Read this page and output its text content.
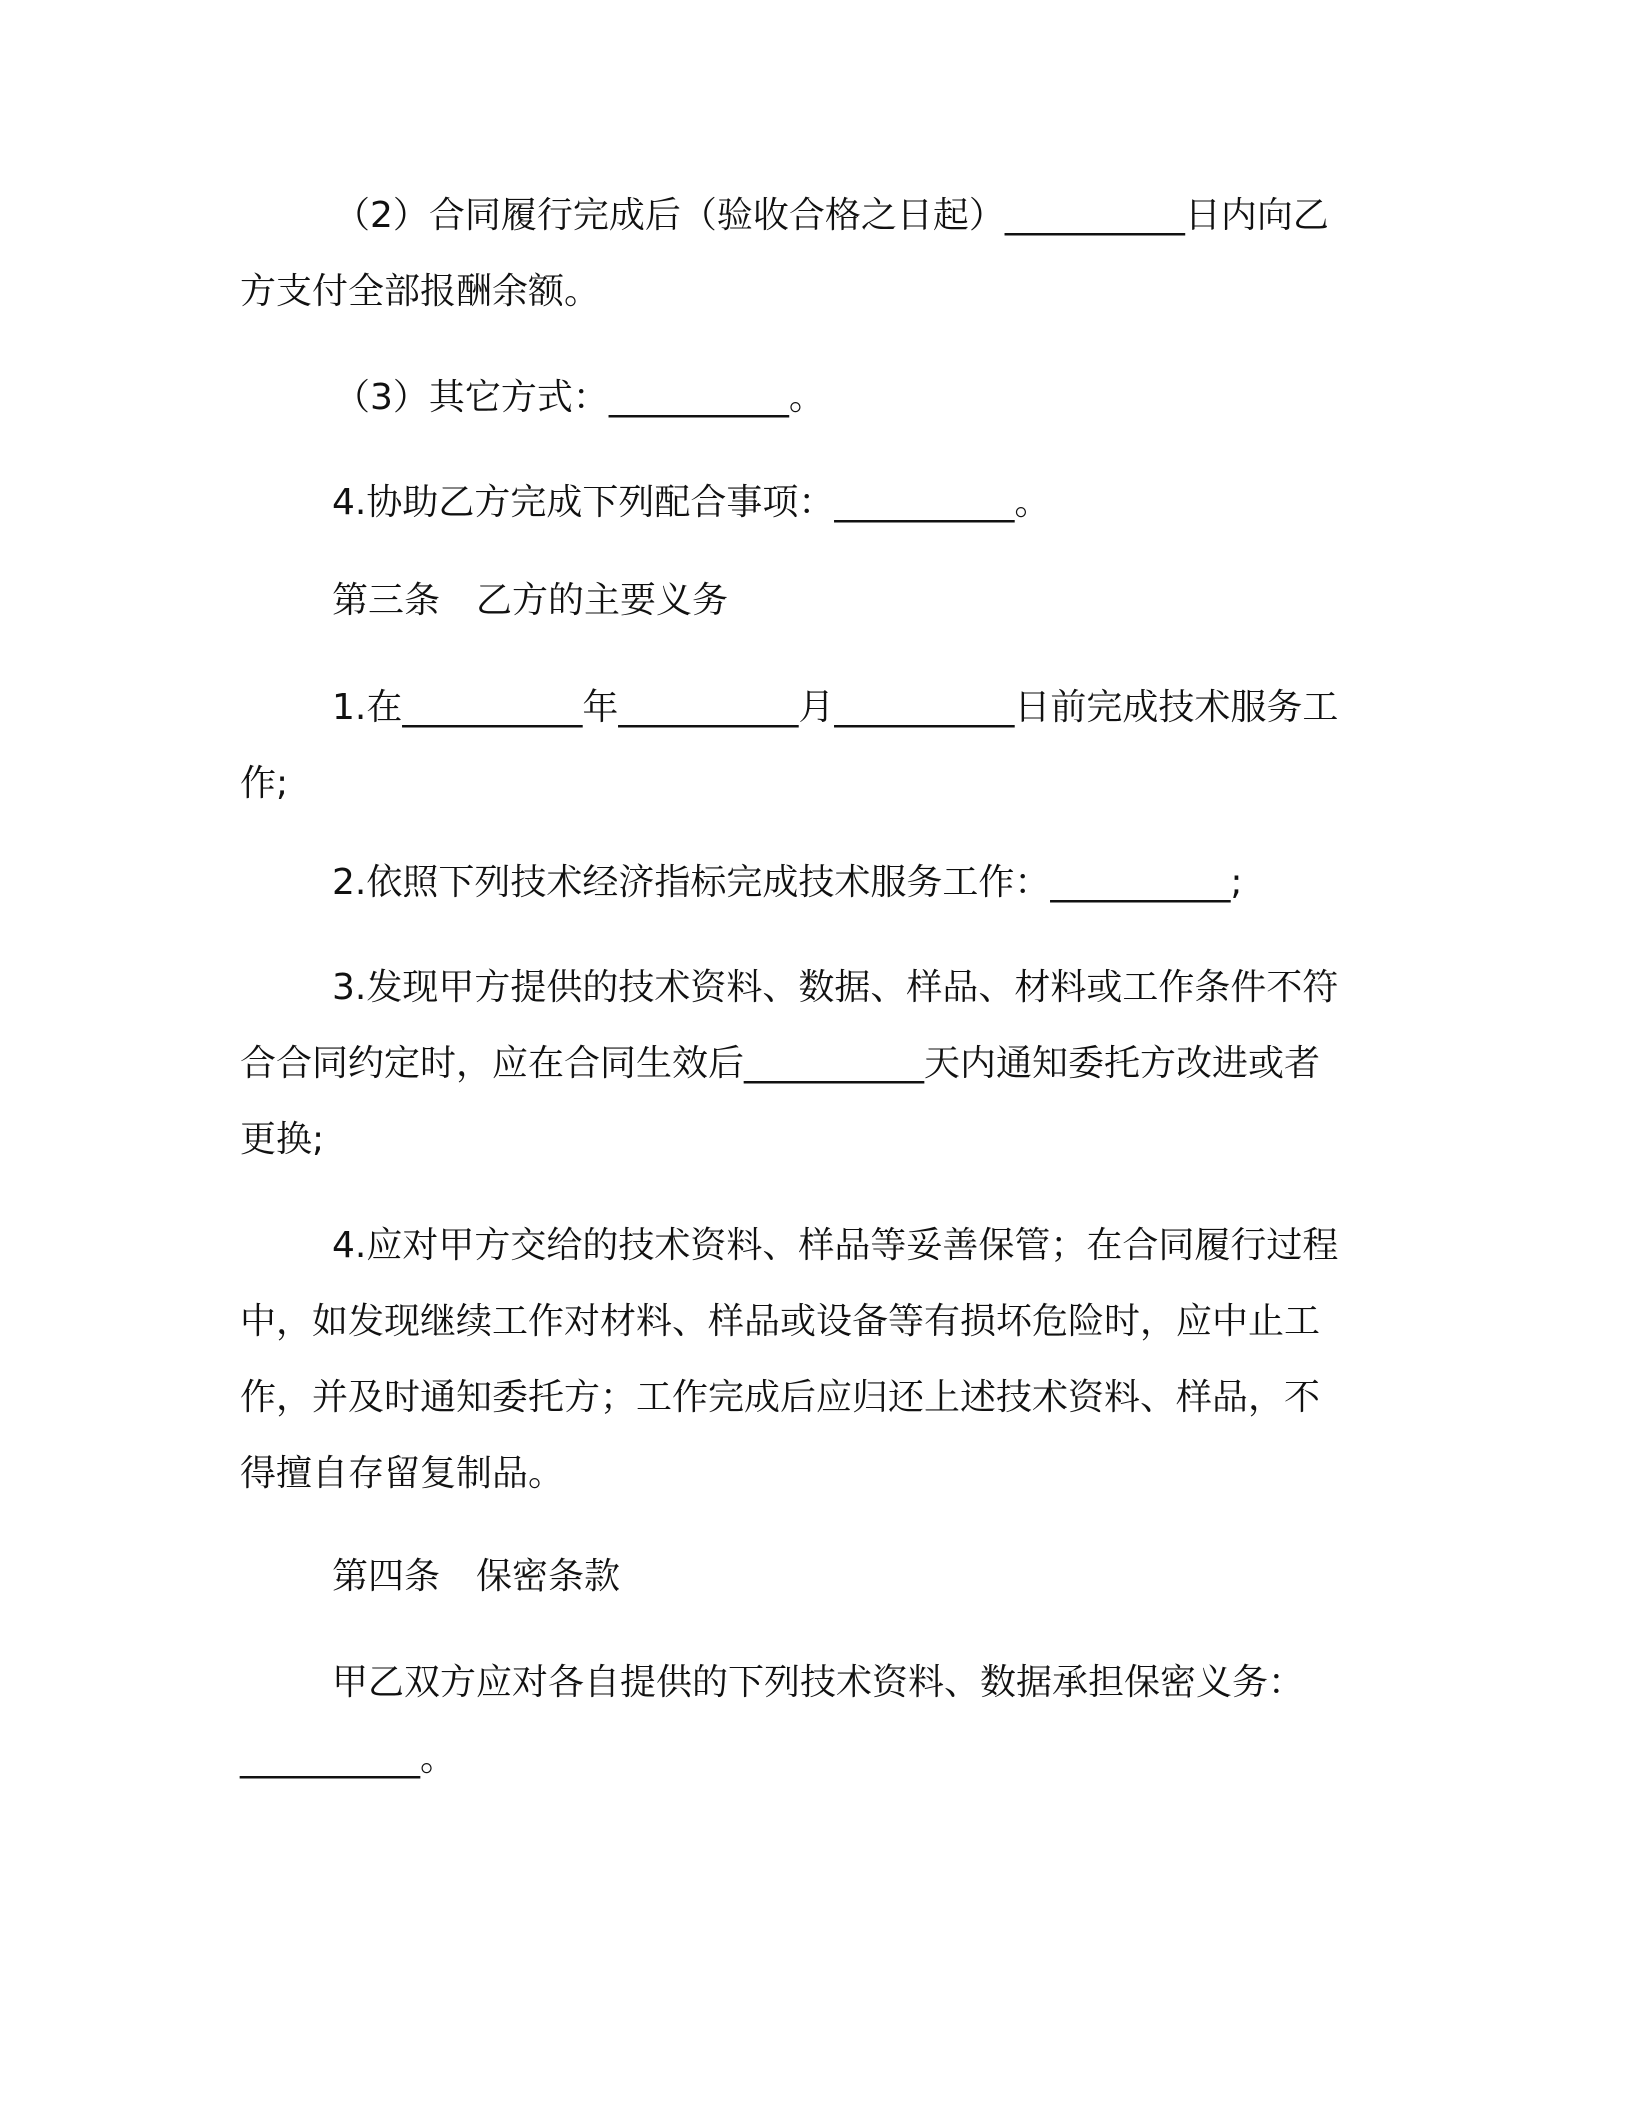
（2）合同履行完成后（验收合格之日起）__________日内向乙
方支付全部报酬余额。
（3）其它方式：__________。
4.协助乙方完成下列配合事项：__________。
第三条　乙方的主要义务
1.在__________年__________月__________日前完成技术服务工
作;
2.依照下列技术经济指标完成技术服务工作：__________;
3.发现甲方提供的技术资料、数据、样品、材料或工作条件不符
合合同约定时，应在合同生效后__________天内通知委托方改进或者
更换;
4.应对甲方交给的技术资料、样品等妥善保管；在合同履行过程
中，如发现继续工作对材料、样品或设备等有损坏危险时，应中止工
作，并及时通知委托方；工作完成后应归还上述技术资料、样品，不
得擅自存留复制品。
第四条　保密条款
甲乙双方应对各自提供的下列技术资料、数据承担保密义务：
__________。
